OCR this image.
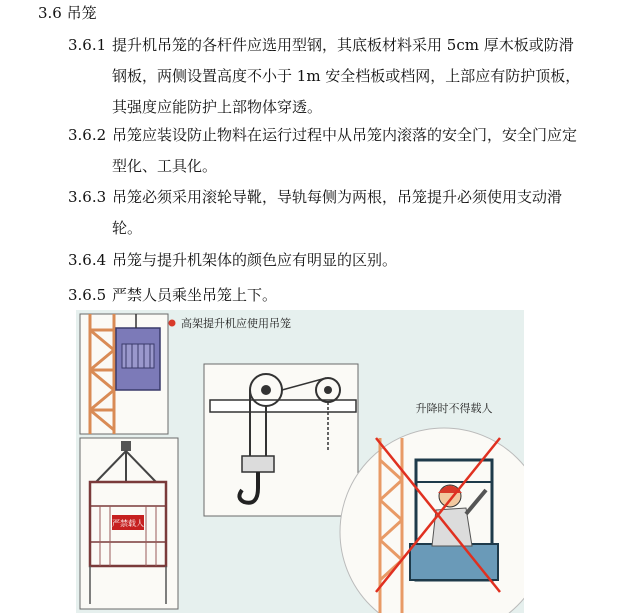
3.6 吊笼
3.6.1 提升机吊笼的各杆件应选用型钢，其底板材料采用 5cm 厚木板或防滑钢板，两侧设置高度不小于 1m 安全档板或档网，上部应有防护顶板，其强度应能防护上部物体穿透。
3.6.2 吊笼应装设防止物料在运行过程中从吊笼内滚落的安全门，安全门应定型化、工具化。
3.6.3 吊笼必须采用滚轮导靴，导轨每侧为两根，吊笼提升必须使用支动滑轮。
3.6.4 吊笼与提升机架体的颜色应有明显的区别。
3.6.5 严禁人员乘坐吊笼上下。
高架提升机应使用吊笼
严禁载人
升降时不得载人
